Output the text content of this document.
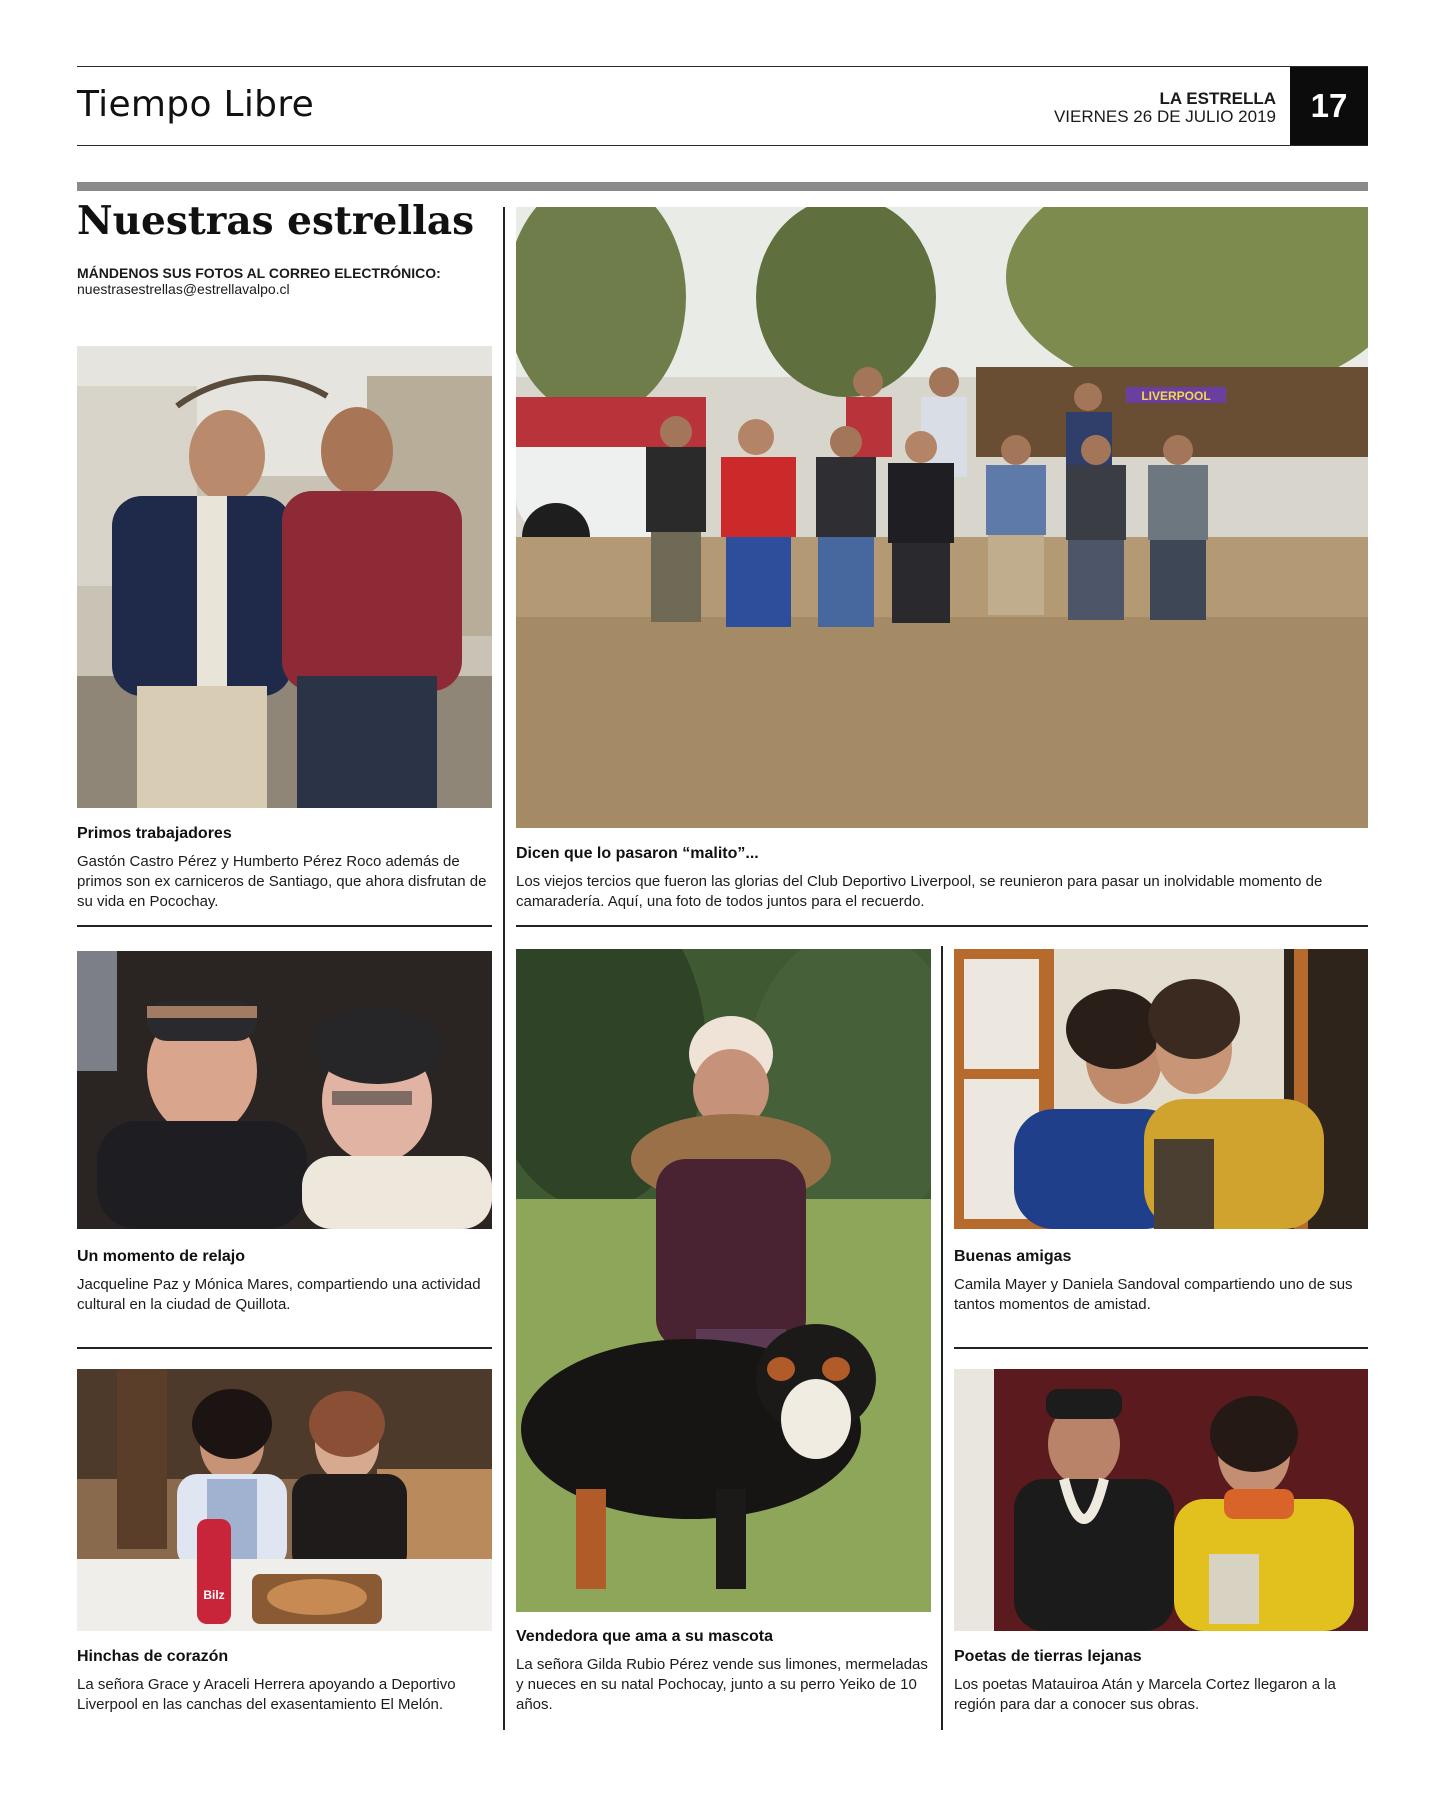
Tiempo Libre	LA ESTRELLA
VIERNES 26 DE JULIO 2019	17
Nuestras estrellas
MÁNDENOS SUS FOTOS AL CORREO ELECTRÓNICO:
nuestrasestrellas@estrellavalpo.cl
Primos trabajadores
Gastón Castro Pérez y Humberto Pérez Roco además de primos son ex carniceros de Santiago, que ahora disfrutan de su vida en Pocochay.
LIVERPOOL
Dicen que lo pasaron “malito”...
Los viejos tercios que fueron las glorias del Club Deportivo Liverpool, se reunieron para pasar un inolvidable momento de camaradería. Aquí, una foto de todos juntos para el recuerdo.
Un momento de relajo
Jacqueline Paz y Mónica Mares, compartiendo una actividad cultural en la ciudad de Quillota.
Vendedora que ama a su mascota
La señora Gilda Rubio Pérez vende sus limones, mermeladas y nueces en su natal Pochocay, junto a su perro Yeiko de 10 años.
Buenas amigas
Camila Mayer y Daniela Sandoval compartiendo uno de sus tantos momentos de amistad.
Bilz
Hinchas de corazón
La señora Grace y Araceli Herrera apoyando a Deportivo Liverpool en las canchas del exasentamiento El Melón.
Poetas de tierras lejanas
Los poetas Matauiroa Atán y Marcela Cortez llegaron a la región para dar a conocer sus obras.
